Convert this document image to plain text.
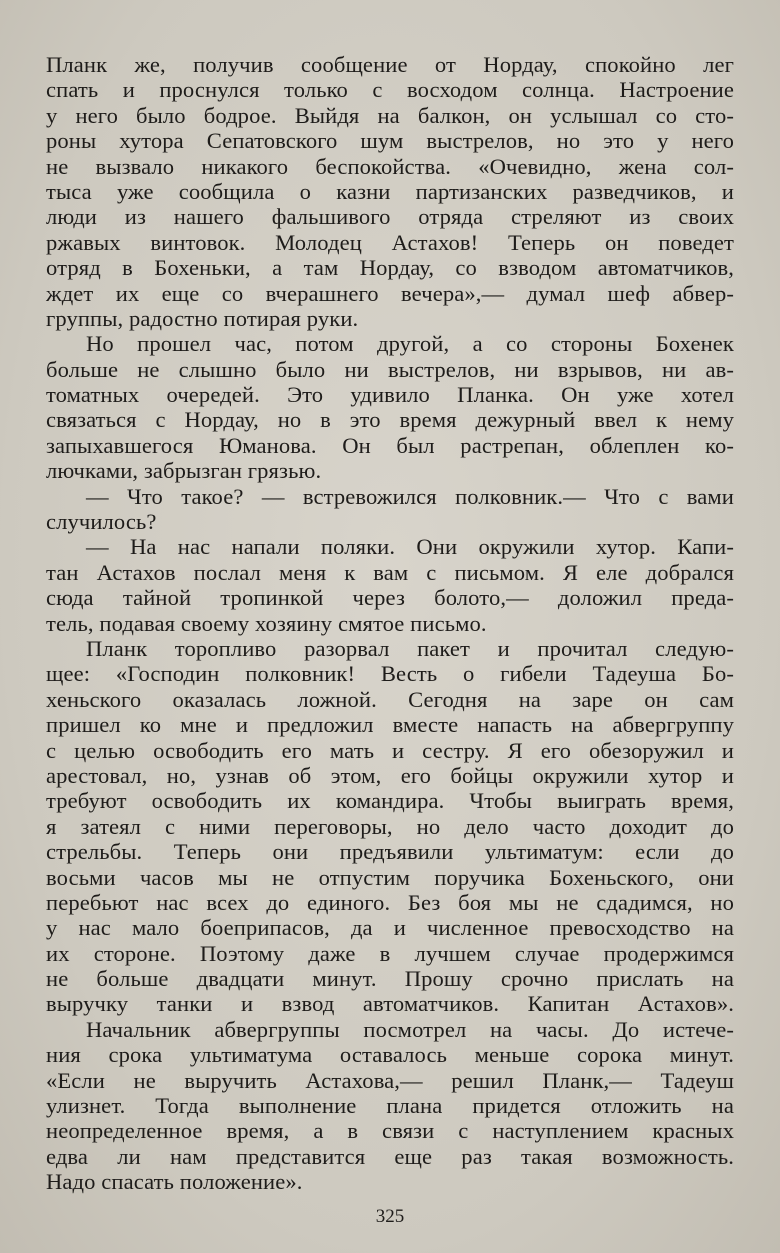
Планк же, получив сообщение от Нордау, спокойно лег
спать и проснулся только с восходом солнца. Настроение
у него было бодрое. Выйдя на балкон, он услышал со сто-
роны хутора Сепатовского шум выстрелов, но это у него
не вызвало никакого беспокойства. «Очевидно, жена сол-
тыса уже сообщила о казни партизанских разведчиков, и
люди из нашего фальшивого отряда стреляют из своих
ржавых винтовок. Молодец Астахов! Теперь он поведет
отряд в Бохеньки, а там Нордау, со взводом автоматчиков,
ждет их еще со вчерашнего вечера»,— думал шеф абвер-
группы, радостно потирая руки.
Но прошел час, потом другой, а со стороны Бохенек
больше не слышно было ни выстрелов, ни взрывов, ни ав-
томатных очередей. Это удивило Планка. Он уже хотел
связаться с Нордау, но в это время дежурный ввел к нему
запыхавшегося Юманова. Он был растрепан, облеплен ко-
лючками, забрызган грязью.
— Что такое? — встревожился полковник.— Что с вами
случилось?
— На нас напали поляки. Они окружили хутор. Капи-
тан Астахов послал меня к вам с письмом. Я еле добрался
сюда тайной тропинкой через болото,— доложил преда-
тель, подавая своему хозяину смятое письмо.
Планк торопливо разорвал пакет и прочитал следую-
щее: «Господин полковник! Весть о гибели Тадеуша Бо-
хеньского оказалась ложной. Сегодня на заре он сам
пришел ко мне и предложил вместе напасть на абвергруппу
с целью освободить его мать и сестру. Я его обезоружил и
арестовал, но, узнав об этом, его бойцы окружили хутор и
требуют освободить их командира. Чтобы выиграть время,
я затеял с ними переговоры, но дело часто доходит до
стрельбы. Теперь они предъявили ультиматум: если до
восьми часов мы не отпустим поручика Бохеньского, они
перебьют нас всех до единого. Без боя мы не сдадимся, но
у нас мало боеприпасов, да и численное превосходство на
их стороне. Поэтому даже в лучшем случае продержимся
не больше двадцати минут. Прошу срочно прислать на
выручку танки и взвод автоматчиков. Капитан Астахов».
Начальник абвергруппы посмотрел на часы. До истече-
ния срока ультиматума оставалось меньше сорока минут.
«Если не выручить Астахова,— решил Планк,— Тадеуш
улизнет. Тогда выполнение плана придется отложить на
неопределенное время, а в связи с наступлением красных
едва ли нам представится еще раз такая возможность.
Надо спасать положение».
325
